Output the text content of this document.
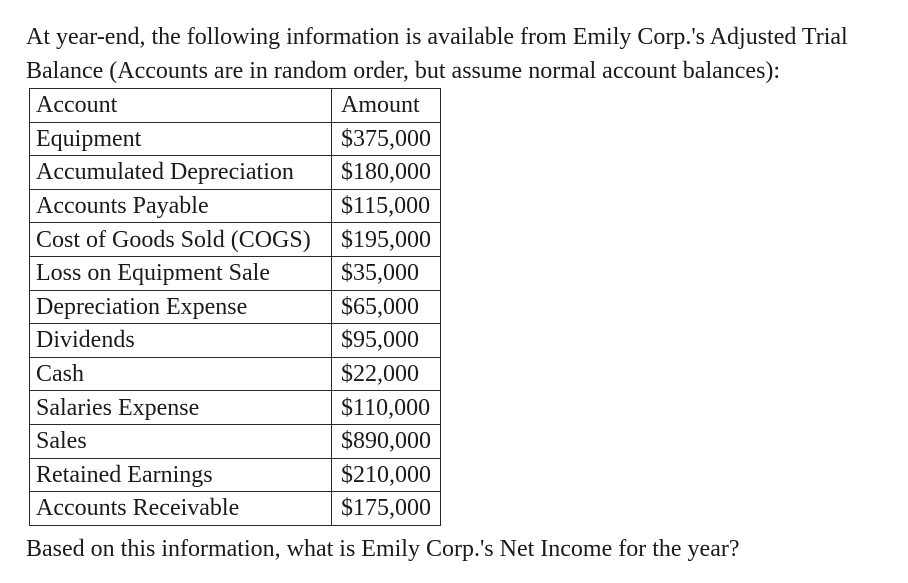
At year-end, the following information is available from Emily Corp.'s Adjusted Trial Balance (Accounts are in random order, but assume normal account balances):

Account	Amount
Equipment	$375,000
Accumulated Depreciation	$180,000
Accounts Payable	$115,000
Cost of Goods Sold (COGS)	$195,000
Loss on Equipment Sale	$35,000
Depreciation Expense	$65,000
Dividends	$95,000
Cash	$22,000
Salaries Expense	$110,000
Sales	$890,000
Retained Earnings	$210,000
Accounts Receivable	$175,000

Based on this information, what is Emily Corp.'s Net Income for the year?
